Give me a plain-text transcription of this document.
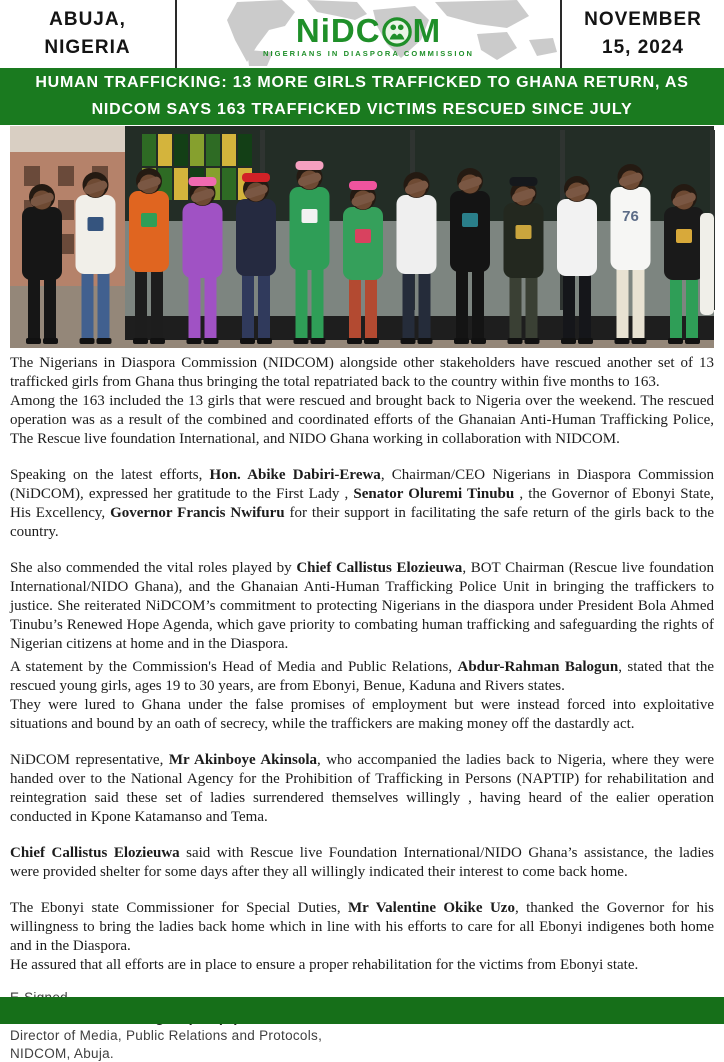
ABUJA,
NIGERIA	NiDC M
NIGERIANS IN DIASPORA COMMISSION
NOVEMBER
15, 2024
HUMAN TRAFFICKING: 13 MORE GIRLS TRAFFICKED TO GHANA RETURN, AS
NIDCOM SAYS 163 TRAFFICKED VICTIMS RESCUED SINCE JULY
76

The Nigerians in Diaspora Commission (NIDCOM) alongside other stakeholders have rescued another set of 13 trafficked girls from Ghana thus bringing the total repatriated back to the country within five months to 163.

Among the 163 included the 13 girls that were rescued and brought back to Nigeria over the weekend. The rescued operation was as a result of the combined and coordinated efforts of the Ghanaian Anti-Human Trafficking Police, The Rescue live foundation International, and NIDO Ghana working in collaboration with NIDCOM.

Speaking on the latest efforts, Hon. Abike Dabiri-Erewa, Chairman/CEO Nigerians in Diaspora Commission (NiDCOM), expressed her gratitude to the First Lady , Senator Oluremi Tinubu , the Governor of Ebonyi State, His Excellency, Governor Francis Nwifuru for their support in facilitating the safe return of the girls back to the country.

She also commended the vital roles played by Chief Callistus Elozieuwa, BOT Chairman (Rescue live foundation International/NIDO Ghana), and the Ghanaian Anti-Human Trafficking Police Unit in bringing the traffickers to justice. She reiterated NiDCOM’s commitment to protecting Nigerians in the diaspora under President Bola Ahmed Tinubu’s Renewed Hope Agenda, which gave priority to combating human trafficking and safeguarding the rights of Nigerian citizens at home and in the Diaspora.

A statement by the Commission's Head of Media and Public Relations, Abdur-Rahman Balogun, stated that the rescued young girls, ages 19 to 30 years, are from Ebonyi, Benue, Kaduna and Rivers states.

They were lured to Ghana under the false promises of employment but were instead forced into exploitative situations and bound by an oath of secrecy, while the traffickers are making money off the dastardly act.

NiDCOM representative, Mr Akinboye Akinsola, who accompanied the ladies back to Nigeria, where they were handed over to the National Agency for the Prohibition of Trafficking in Persons (NAPTIP) for rehabilitation and reintegration said these set of ladies surrendered themselves willingly , having heard of the ealier operation conducted in Kpone Katamanso and Tema.

Chief Callistus Elozieuwa said with Rescue live Foundation International/NIDO Ghana’s assistance, the ladies were provided shelter for some days after they all willingly indicated their interest to come back home.

The Ebonyi state Commissioner for Special Duties, Mr Valentine Okike Uzo, thanked the Governor for his willingness to bring the ladies back home which in line with his efforts to care for all Ebonyi indigenes both home and in the Diaspora.

He assured that all efforts are in place to ensure a proper rehabilitation for the victims from Ebonyi state.

Director of Media, Public Relations and Protocols,
NIDCOM, Abuja.
